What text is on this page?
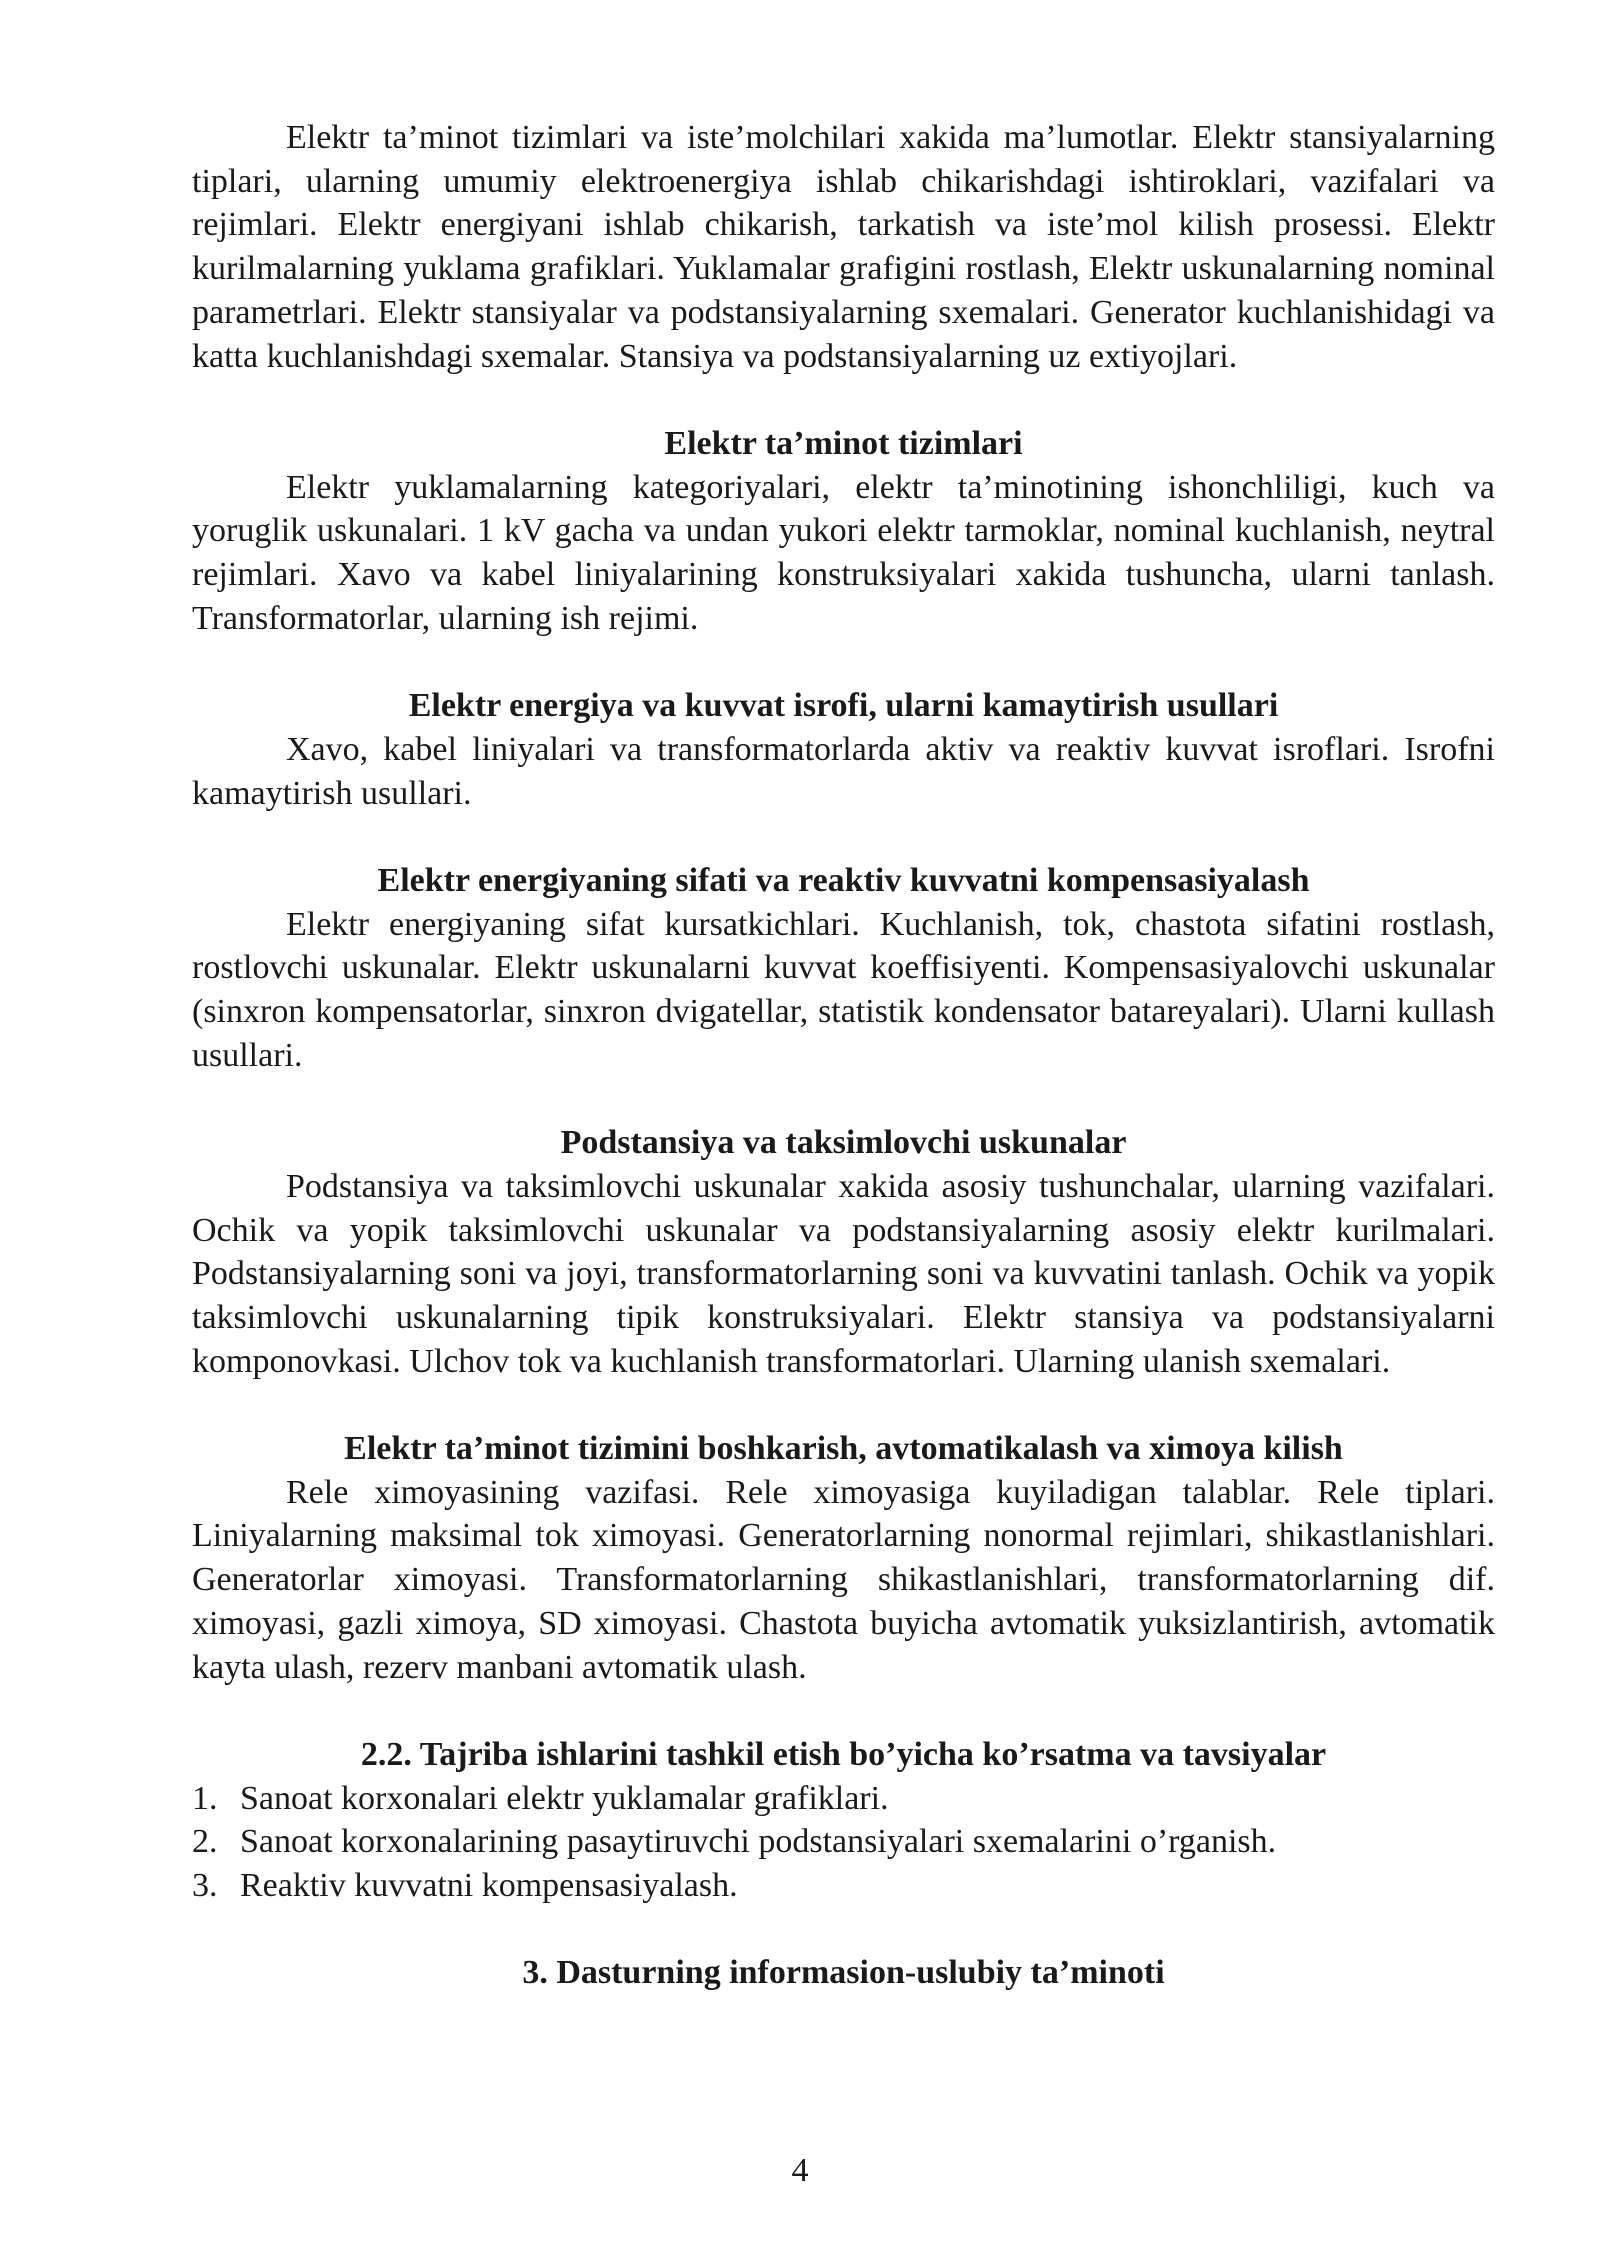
Elektr ta’minot tizimlari va iste’molchilari xakida ma’lumotlar. Elektr stansiyalarning tiplari, ularning umumiy elektroenergiya ishlab chikarishdagi ishtiroklari, vazifalari va rejimlari. Elektr energiyani ishlab chikarish, tarkatish va iste’mol kilish prosessi. Elektr kurilmalarning yuklama grafiklari. Yuklamalar grafigini rostlash, Elektr uskunalarning nominal parametrlari. Elektr stansiyalar va podstansiyalarning sxemalari. Generator kuchlanishidagi va katta kuchlanishdagi sxemalar. Stansiya va podstansiyalarning uz extiyojlari.

Elektr ta’minot tizimlari

Elektr yuklamalarning kategoriyalari, elektr ta’minotining ishonchliligi, kuch va yoruglik uskunalari. 1 kV gacha va undan yukori elektr tarmoklar, nominal kuchlanish, neytral rejimlari. Xavo va kabel liniyalarining konstruksiyalari xakida tushuncha, ularni tanlash. Transformatorlar, ularning ish rejimi.

Elektr energiya va kuvvat isrofi, ularni kamaytirish usullari

Xavo, kabel liniyalari va transformatorlarda aktiv va reaktiv kuvvat isroflari. Isrofni kamaytirish usullari.

Elektr energiyaning sifati va reaktiv kuvvatni kompensasiyalash

Elektr energiyaning sifat kursatkichlari. Kuchlanish, tok, chastota sifatini rostlash, rostlovchi uskunalar. Elektr uskunalarni kuvvat koeffisiyenti. Kompensasiyalovchi uskunalar (sinxron kompensatorlar, sinxron dvigatellar, statistik kondensator batareyalari). Ularni kullash usullari.

Podstansiya va taksimlovchi uskunalar

Podstansiya va taksimlovchi uskunalar xakida asosiy tushunchalar, ularning vazifalari. Ochik va yopik taksimlovchi uskunalar va podstansiyalarning asosiy elektr kurilmalari. Podstansiyalarning soni va joyi, transformatorlarning soni va kuvvatini tanlash. Ochik va yopik taksimlovchi uskunalarning tipik konstruksiyalari. Elektr stansiya va podstansiyalarni komponovkasi. Ulchov tok va kuchlanish transformatorlari. Ularning ulanish sxemalari.

Elektr ta’minot tizimini boshkarish, avtomatikalash va ximoya kilish

Rele ximoyasining vazifasi. Rele ximoyasiga kuyiladigan talablar. Rele tiplari. Liniyalarning maksimal tok ximoyasi. Generatorlarning nonormal rejimlari, shikastlanishlari. Generatorlar ximoyasi. Transformatorlarning shikastlanishlari, transformatorlarning dif. ximoyasi, gazli ximoya, SD ximoyasi. Chastota buyicha avtomatik yuksizlantirish, avtomatik kayta ulash, rezerv manbani avtomatik ulash.

2.2. Tajriba ishlarini tashkil etish bo’yicha ko’rsatma va tavsiyalar
1. Sanoat korxonalari elektr yuklamalar grafiklari.
2. Sanoat korxonalarining pasaytiruvchi podstansiyalari sxemalarini o’rganish.
3. Reaktiv kuvvatni kompensasiyalash.
3. Dasturning informasion-uslubiy ta’minoti
4
